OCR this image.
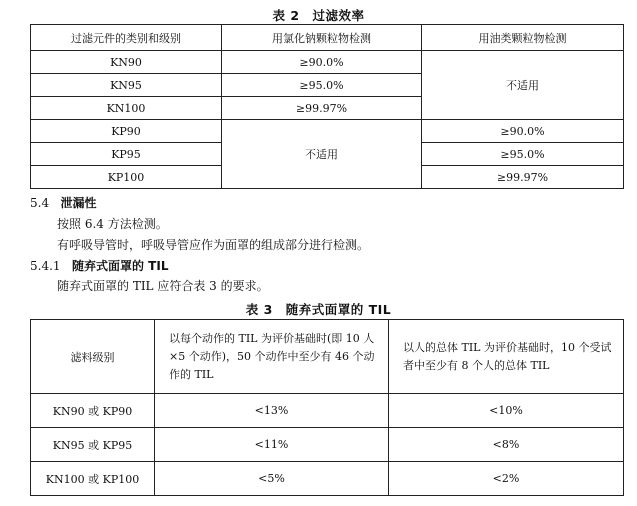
表 2　过滤效率
过滤元件的类别和级别	用氯化钠颗粒物检测	用油类颗粒物检测
KN90	≥90.0%	不适用
KN95	≥95.0%	
KN100	≥99.97%	
KP90	不适用	≥90.0%
KP95		≥95.0%
KP100		≥99.97%
5.4 泄漏性
按照 6.4 方法检测。
有呼吸导管时，呼吸导管应作为面罩的组成部分进行检测。
5.4.1 随弃式面罩的 TIL
随弃式面罩的 TIL 应符合表 3 的要求。
表 3　随弃式面罩的 TIL
滤料级别	以每个动作的 TIL 为评价基础时(即 10 人×5 个动作)，50 个动作中至少有 46 个动作的 TIL	以人的总体 TIL 为评价基础时，10 个受试者中至少有 8 个人的总体 TIL
KN90 或 KP90	<13%	<10%
KN95 或 KP95	<11%	<8%
KN100 或 KP100	<5%	<2%
